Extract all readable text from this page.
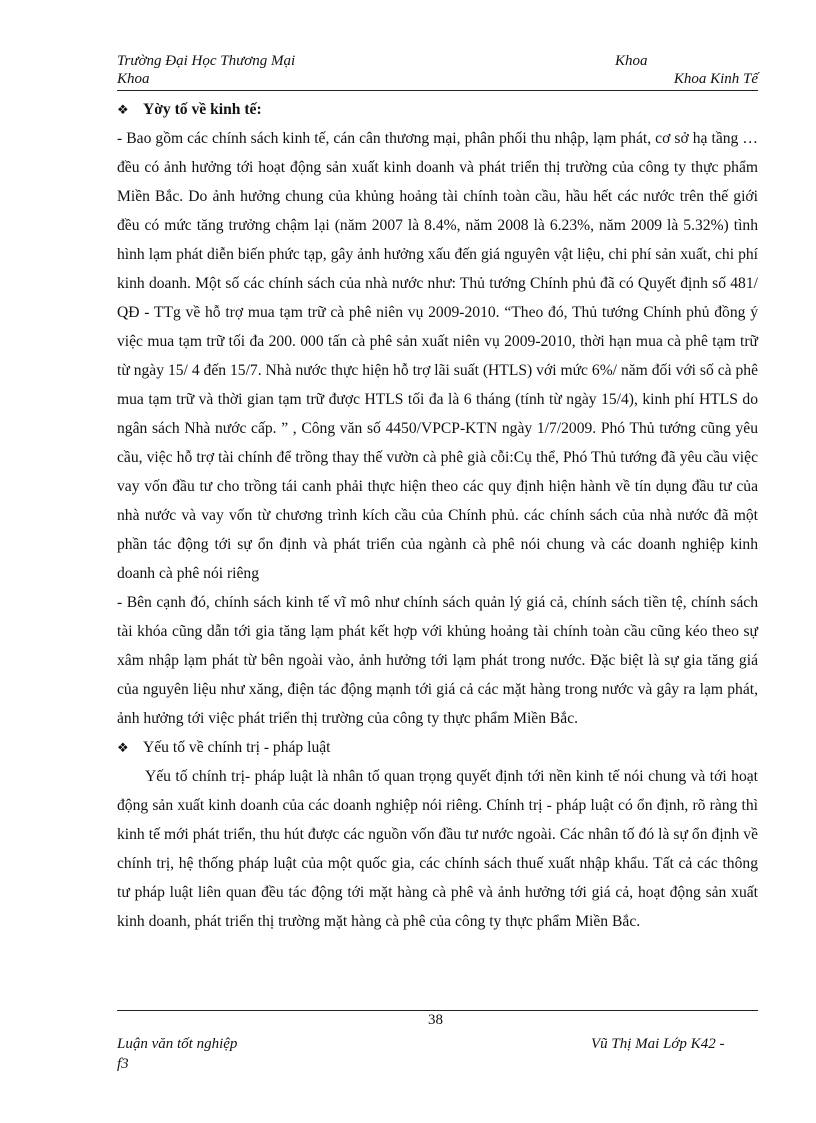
Trường Đại Học Thương Mại	Khoa
Khoa	Khoa Kinh Tế

❖ Yờy tố về kinh tế:

- Bao gồm các chính sách kinh tế, cán cân thương mại, phân phối thu nhập, lạm phát, cơ sở hạ tầng … đều có ảnh hưởng tới hoạt động sản xuất kinh doanh và phát triển thị trường của công ty thực phẩm Miền Bắc. Do ảnh hưởng chung của khủng hoảng tài chính toàn cầu, hầu hết các nước trên thế giới đều có mức tăng trưởng chậm lại (năm 2007 là 8.4%, năm 2008 là 6.23%, năm 2009 là 5.32%) tình hình lạm phát diễn biến phức tạp, gây ảnh hưởng xấu đến giá nguyên vật liệu, chi phí sản xuất, chi phí kinh doanh. Một số các chính sách của nhà nước như: Thủ tướng Chính phủ đã có Quyết định số 481/ QĐ - TTg về hỗ trợ mua tạm trữ cà phê niên vụ 2009-2010. “Theo đó, Thủ tướng Chính phủ đồng ý việc mua tạm trữ tối đa 200. 000 tấn cà phê sản xuất niên vụ 2009-2010, thời hạn mua cà phê tạm trữ từ ngày 15/ 4 đến 15/7. Nhà nước thực hiện hỗ trợ lãi suất (HTLS) với mức 6%/ năm đối với số cà phê mua tạm trữ và thời gian tạm trữ được HTLS tối đa là 6 tháng (tính từ ngày 15/4), kinh phí HTLS do ngân sách Nhà nước cấp. ” , Công văn số 4450/VPCP-KTN ngày 1/7/2009. Phó Thủ tướng cũng yêu cầu, việc hỗ trợ tài chính để trồng thay thế vườn cà phê già cỗi:Cụ thể, Phó Thủ tướng đã yêu cầu việc vay vốn đầu tư cho trồng tái canh phải thực hiện theo các quy định hiện hành về tín dụng đầu tư của nhà nước và vay vốn từ chương trình kích cầu của Chính phủ. các chính sách của nhà nước đã một phần tác động tới sự ổn định và phát triển của ngành cà phê nói chung và các doanh nghiệp kinh doanh cà phê nói riêng

- Bên cạnh đó, chính sách kinh tế vĩ mô như chính sách quản lý giá cả, chính sách tiền tệ, chính sách tài khóa cũng dẫn tới gia tăng lạm phát kết hợp với khủng hoảng tài chính toàn cầu cũng kéo theo sự xâm nhập lạm phát từ bên ngoài vào, ảnh hưởng tới lạm phát trong nước. Đặc biệt là sự gia tăng giá của nguyên liệu như xăng, điện tác động mạnh tới giá cả các mặt hàng trong nước và gây ra lạm phát, ảnh hưởng tới việc phát triển thị trường của công ty thực phẩm Miền Bắc.

❖ Yếu tố về chính trị - pháp luật

Yếu tố chính trị- pháp luật là nhân tố quan trọng quyết định tới nền kinh tế nói chung và tới hoạt động sản xuất kinh doanh của các doanh nghiệp nói riêng. Chính trị - pháp luật có ổn định, rõ ràng thì kinh tế mới phát triển, thu hút được các nguồn vốn đầu tư nước ngoài. Các nhân tố đó là sự ổn định về chính trị, hệ thống pháp luật của một quốc gia, các chính sách thuế xuất nhập khẩu. Tất cả các thông tư pháp luật liên quan đều tác động tới mặt hàng cà phê và ảnh hưởng tới giá cả, hoạt động sản xuất kinh doanh, phát triển thị trường mặt hàng cà phê của công ty thực phẩm Miền Bắc.

38
Luận văn tốt nghiệp	Vũ Thị Mai Lớp K42 -
f3
